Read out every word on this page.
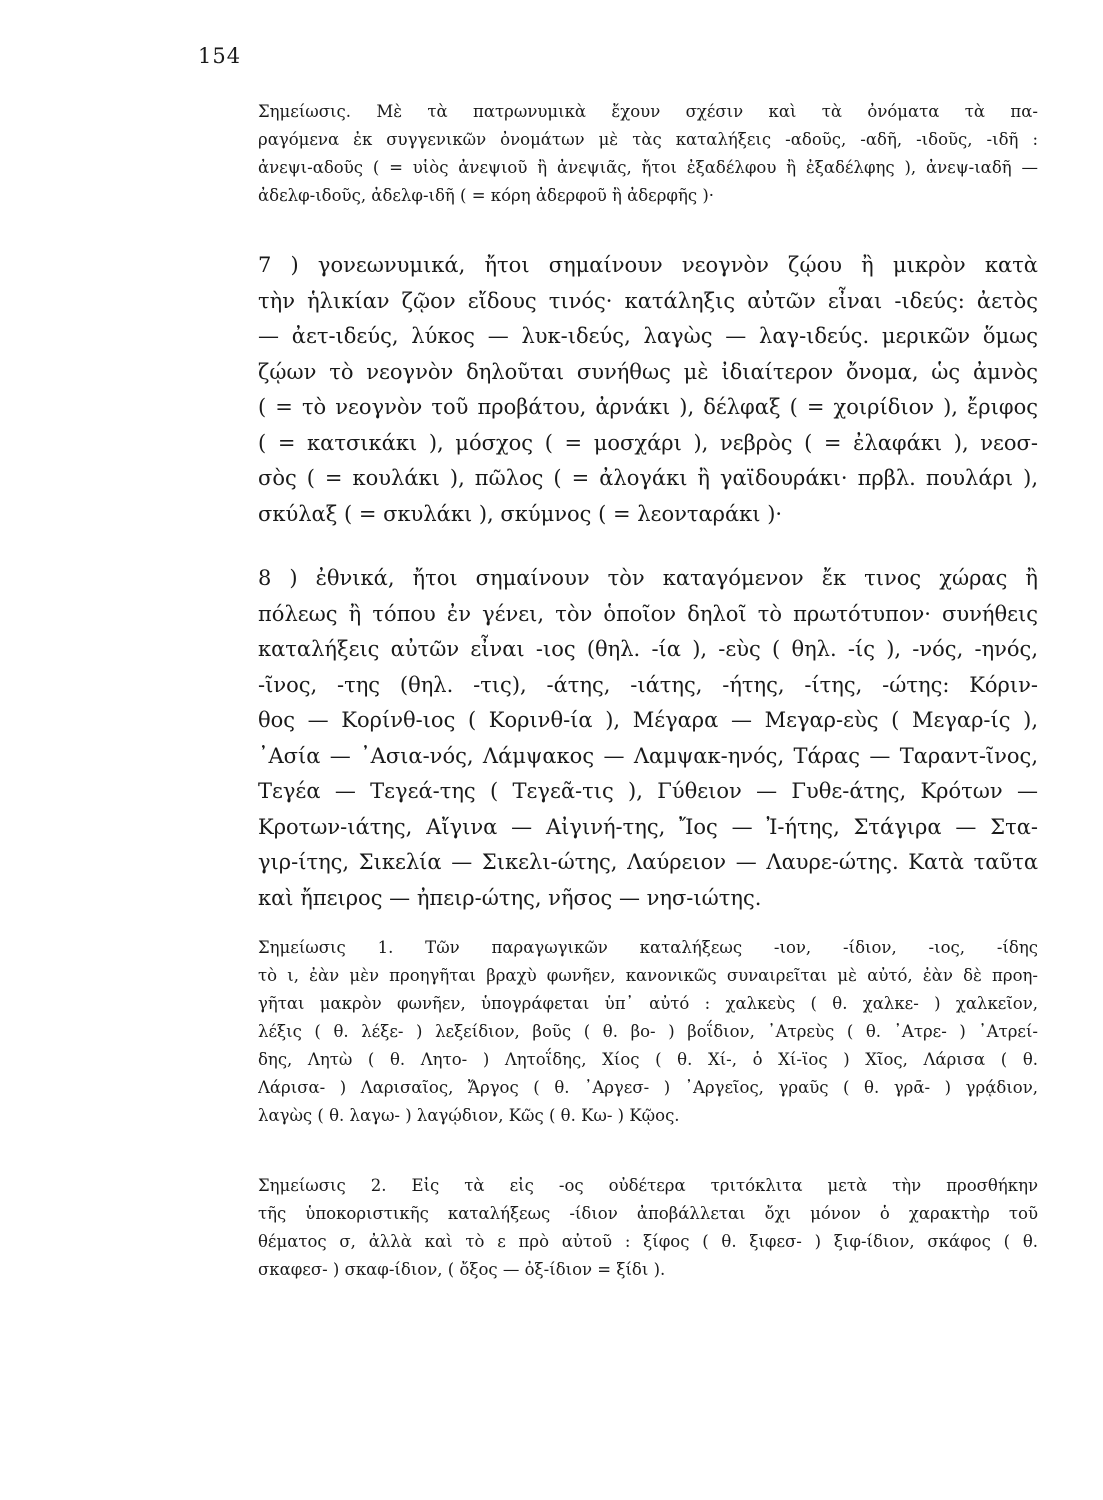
154
Σημείωσις. Μὲ τὰ πατρωνυμικὰ ἔχουν σχέσιν καὶ τὰ ὀνόματα τὰ πα-
ραγόμενα ἐκ συγγενικῶν ὀνομάτων μὲ τὰς καταλήξεις -αδοῦς, -αδῆ, -ιδοῦς, -ιδῆ :
ἀνεψι-αδοῦς ( = υἱὸς ἀνεψιοῦ ἢ ἀνεψιᾶς, ἤτοι ἐξαδέλφου ἢ ἐξαδέλφης ), ἀνεψ-ιαδῆ —
ἀδελφ-ιδοῦς, ἀδελφ-ιδῆ ( = κόρη ἀδερφοῦ ἢ ἀδερφῆς )·
7 ) γονεωνυμικά, ἤτοι σημαίνουν νεογνὸν ζῴου ἢ μικρὸν κατὰ
τὴν ἡλικίαν ζῷον εἴδους τινός· κατάληξις αὐτῶν εἶναι -ιδεύς: ἀετὸς
— ἀετ-ιδεύς, λύκος — λυκ-ιδεύς, λαγὼς — λαγ-ιδεύς. μερικῶν ὅμως
ζῴων τὸ νεογνὸν δηλοῦται συνήθως μὲ ἰδιαίτερον ὄνομα, ὡς ἀμνὸς
( = τὸ νεογνὸν τοῦ προβάτου, ἀρνάκι ), δέλφαξ ( = χοιρίδιον ), ἔριφος
( = κατσικάκι ), μόσχος ( = μοσχάρι ), νεβρὸς ( = ἐλαφάκι ), νεοσ-
σὸς ( = κουλάκι ), πῶλος ( = ἀλογάκι ἢ γαϊδουράκι· πρβλ. πουλάρι ),
σκύλαξ ( = σκυλάκι ), σκύμνος ( = λεονταράκι )·
8 ) ἐθνικά, ἤτοι σημαίνουν τὸν καταγόμενον ἔκ τινος χώρας ἢ
πόλεως ἢ τόπου ἐν γένει, τὸν ὁποῖον δηλοῖ τὸ πρωτότυπον· συνήθεις
καταλήξεις αὐτῶν εἶναι -ιος (θηλ. -ία ), -εὺς ( θηλ. -ίς ), -νός, -ηνός,
-ῖνος, -της (θηλ. -τις), -άτης, -ιάτης, -ήτης, -ίτης, -ώτης: Κόριν-
θος — Κορίνθ-ιος ( Κορινθ-ία ), Μέγαρα — Μεγαρ-εὺς ( Μεγαρ-ίς ),
᾿Ασία — ᾿Ασια-νός, Λάμψακος — Λαμψακ-ηνός, Τάρας — Ταραντ-ῖνος,
Τεγέα — Τεγεά-της ( Τεγεᾶ-τις ), Γύθειον — Γυθε-άτης, Κρότων —
Κροτων-ιάτης, Αἴγινα — Αἰγινή-της, Ἴος — Ἰ-ήτης, Στάγιρα — Στα-
γιρ-ίτης, Σικελία — Σικελι-ώτης, Λαύρειον — Λαυρε-ώτης. Κατὰ ταῦτα
καὶ ἤπειρος — ἠπειρ-ώτης, νῆσος — νησ-ιώτης.
Σημείωσις 1. Τῶν παραγωγικῶν καταλήξεως -ιον, -ίδιον, -ιος, -ίδης
τὸ ι, ἐὰν μὲν προηγῆται βραχὺ φωνῆεν, κανονικῶς συναιρεῖται μὲ αὐτό, ἐὰν δὲ προη-
γῆται μακρὸν φωνῆεν, ὑπογράφεται ὑπ᾿ αὐτό : χαλκεὺς ( θ. χαλκε- ) χαλκεῖον,
λέξις ( θ. λέξε- ) λεξείδιον, βοῦς ( θ. βο- ) βοΐδιον, ᾿Ατρεὺς ( θ. ᾿Ατρε- ) ᾿Ατρεί-
δης, Λητὼ ( θ. Λητο- ) Λητοΐδης, Χίος ( θ. Χί-, ὁ Χί-ϊος ) Χῖος, Λάρισα ( θ.
Λάρισα- ) Λαρισαῖος, Ἄργος ( θ. ᾿Αργεσ- ) ᾿Αργεῖος, γραῦς ( θ. γρᾱ- ) γρᾴδιον,
λαγὼς ( θ. λαγω- ) λαγῴδιον, Κῶς ( θ. Κω- ) Κῷος.
Σημείωσις 2. Εἰς τὰ εἰς -ος οὐδέτερα τριτόκλιτα μετὰ τὴν προσθήκην
τῆς ὑποκοριστικῆς καταλήξεως -ίδιον ἀποβάλλεται ὄχι μόνον ὁ χαρακτὴρ τοῦ
θέματος σ, ἀλλὰ καὶ τὸ ε πρὸ αὐτοῦ : ξίφος ( θ. ξιφεσ- ) ξιφ-ίδιον, σκάφος ( θ.
σκαφεσ- ) σκαφ-ίδιον, ( ὄξος — ὀξ-ίδιον = ξίδι ).
